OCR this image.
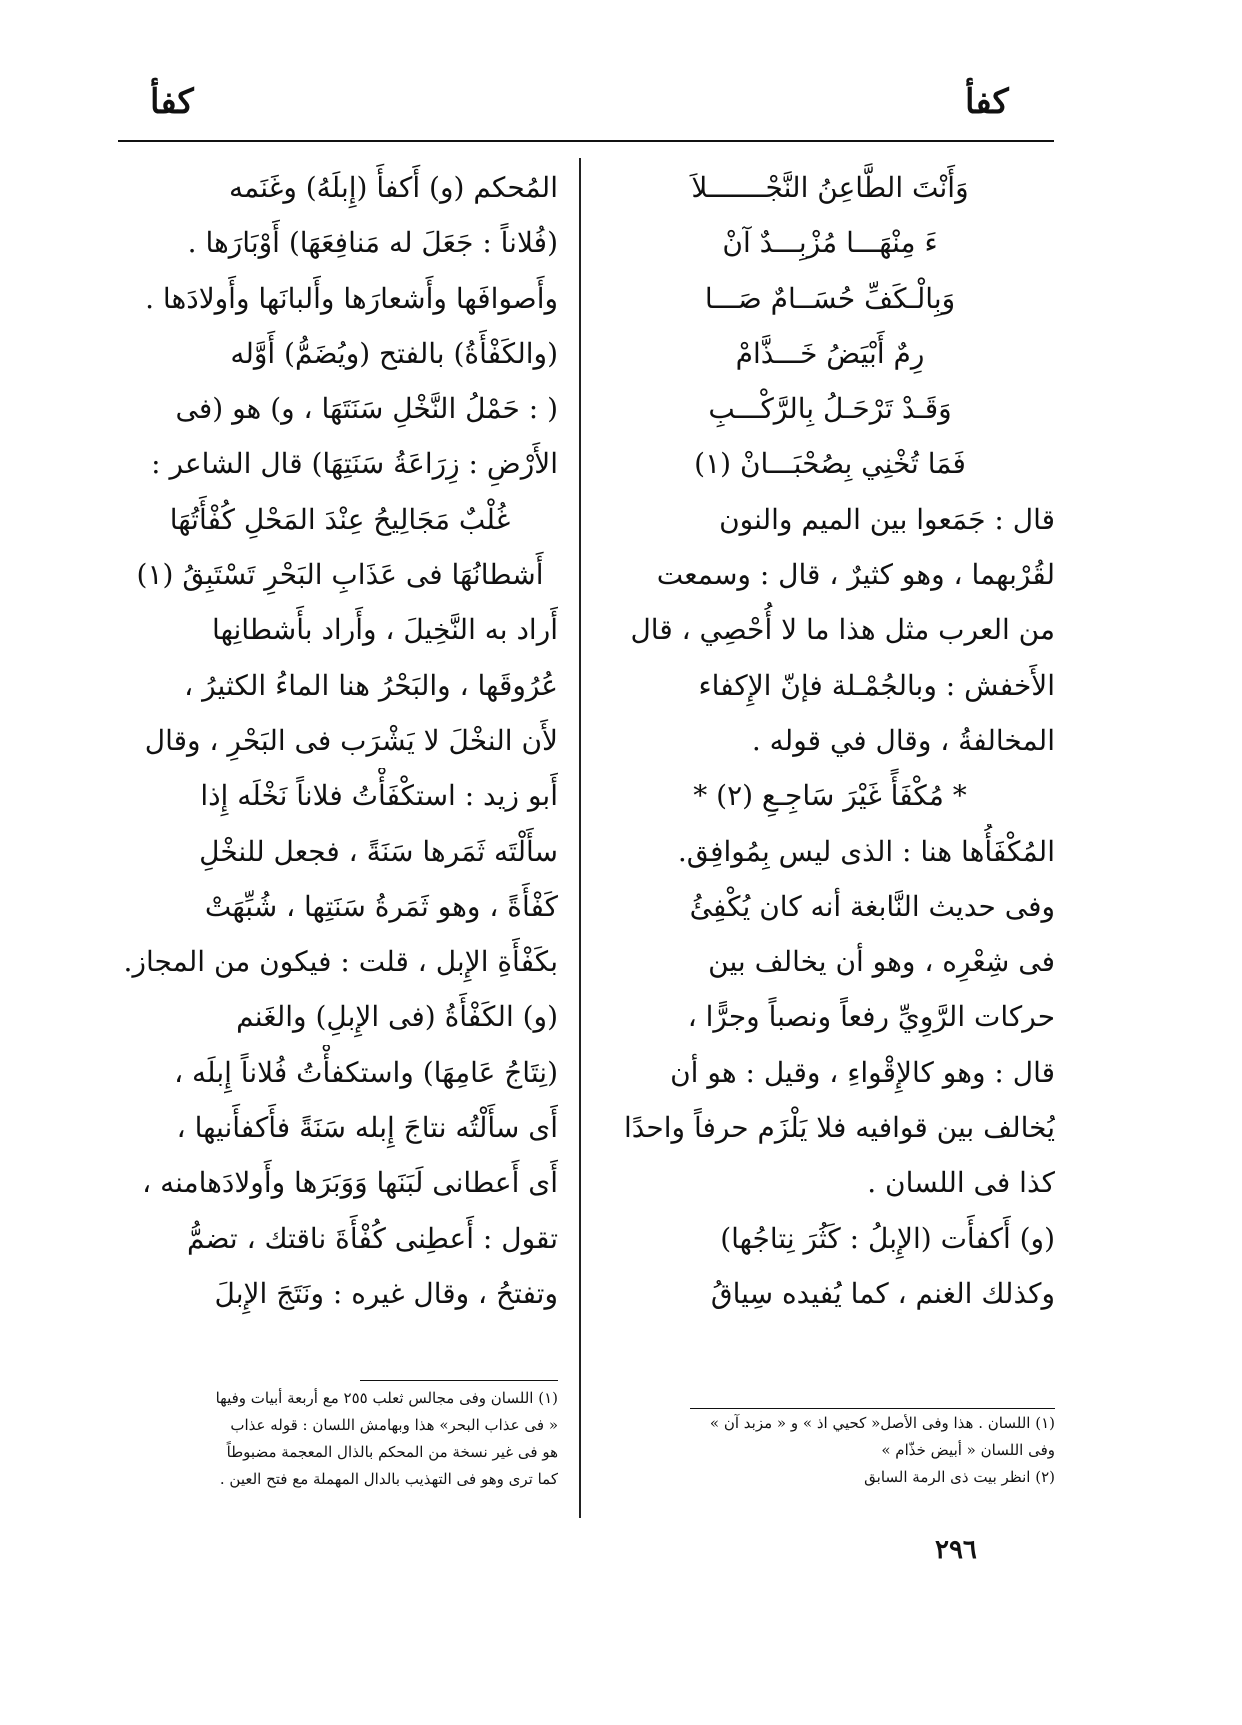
كفأ
كفأ
وَأَنْتَ الطَّاعِنُ النَّجْـــــــلاَ
ءَ مِنْهَـــا مُزْبِـــدٌ آنْ
وَبِالْـكَفِّ حُسَــامٌ صَـــا
رِمٌ أَبْيَضُ خَـــذَّامْ
وَقَـدْ تَرْحَـلُ بِالرَّكْـــبِ
فَمَا تُخْنِي بِصُحْبَـــانْ (١)
قال : جَمَعوا بين الميم والنون
لقُرْبهما ، وهو كثيرٌ ، قال : وسمعت
من العرب مثل هذا ما لا أُحْصِي ، قال
الأَخفش : وبالجُمْـلة فإنّ الإِكفاء
المخالفةُ ، وقال في قوله .
* مُكْفَأً غَيْرَ سَاجِـعِ (٢) *
المُكْفَأُها هنا : الذى ليس بِمُوافِق.
وفى حديث النَّابغة أنه كان يُكْفِئُ
فى شِعْرِه ، وهو أن يخالف بين
حركات الرَّوِيِّ رفعاً ونصباً وجرًّا ،
قال : وهو كالإِقْواءِ ، وقيل : هو أن
يُخالف بين قوافيه فلا يَلْزَم حرفاً واحدًا
كذا فى اللسان .
(و) أَكفأَت (الإِبلُ : كَثُرَ نِتاجُها)
وكذلك الغنم ، كما يُفيده سِياقُ
المُحكم (و) أَكفأَ (إِبلَهُ) وغَنَمه
(فُلاناً : جَعَلَ له مَنافِعَهَا) أَوْبَارَها .
وأَصوافَها وأَشعارَها وأَلبانَها وأَولادَها .
(والكَفْأَةُ) بالفتح (ويُضَمُّ) أَوَّله
( : حَمْلُ النَّخْلِ سَنَتَهَا ، و) هو (فى
الأَرْضِ : زِرَاعَةُ سَنَتِهَا) قال الشاعر :
غُلْبٌ مَجَالِيحُ عِنْدَ المَحْلِ كُفْأَتُهَا
أَشطانُهَا فى عَذَابِ البَحْرِ تَسْتَبِقُ (١)
أَراد به النَّخِيلَ ، وأَراد بأَشطانِها
عُرُوقَها ، والبَحْرُ هنا الماءُ الكثيرُ ،
لأَن النخْلَ لا يَشْرَب فى البَحْرِ ، وقال
أَبو زيد : استكْفَأْتُ فلاناً نَخْلَه إِذا
سأَلْتَه ثَمَرها سَنَةً ، فجعل للنخْلِ
كَفْأَةً ، وهو ثَمَرةُ سَنَتِها ، شُبِّهَتْ
بكَفْأَةِ الإِبل ، قلت : فيكون من المجاز.
(و) الكَفْأَةُ (فى الإِبلِ) والغَنم
(نِتَاجُ عَامِهَا) واستكفأْتُ فُلاناً إِبلَه ،
أَى سأَلْتُه نتاجَ إِبله سَنَةً فأَكفأَنيها ،
أَى أَعطانى لَبَنَها وَوَبَرَها وأَولادَهامنه ،
تقول : أَعطِنى كُفْأَةَ ناقتك ، تضمُّ
وتفتحُ ، وقال غيره : ونَتَجَ الإِبلَ
(١) اللسان . هذا وفى الأصل« كحيي اذ » و « مزبد آن »
وفى اللسان « أبيض خذّام »
(٢) انظر بيت ذى الرمة السابق
(١) اللسان وفى مجالس ثعلب ٢٥٥ مع أربعة أبيات وفيها
« فى عذاب البحر» هذا وبهامش اللسان : قوله عذاب
هو فى غير نسخة من المحكم بالذال المعجمة مضبوطاً
كما ترى وهو فى التهذيب بالدال المهملة مع فتح العين .
٢٩٦
